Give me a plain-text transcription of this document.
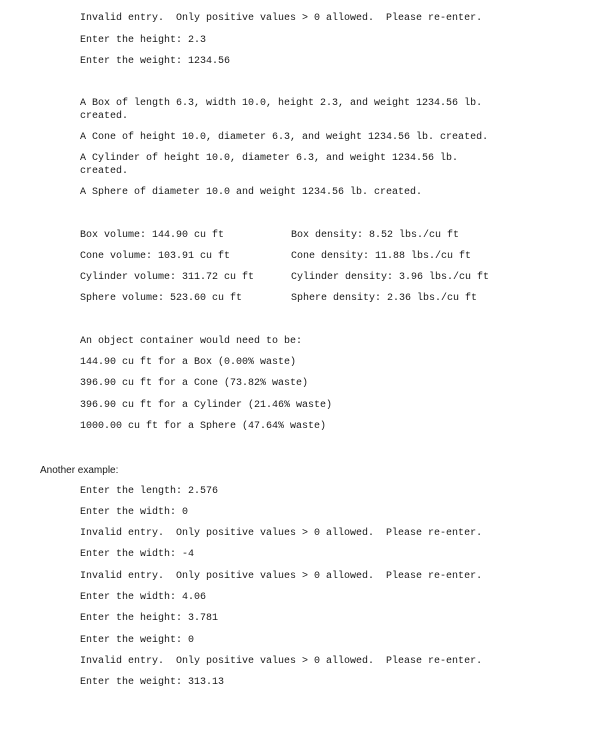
Invalid entry.  Only positive values > 0 allowed.  Please re-enter.
Enter the height: 2.3
Enter the weight: 1234.56
A Box of length 6.3, width 10.0, height 2.3, and weight 1234.56 lb.
created.
A Cone of height 10.0, diameter 6.3, and weight 1234.56 lb. created.
A Cylinder of height 10.0, diameter 6.3, and weight 1234.56 lb.
created.
A Sphere of diameter 10.0 and weight 1234.56 lb. created.
Box volume: 144.90 cu ft
Cone volume: 103.91 cu ft
Cylinder volume: 311.72 cu ft
Sphere volume: 523.60 cu ft
Box density: 8.52 lbs./cu ft
Cone density: 11.88 lbs./cu ft
Cylinder density: 3.96 lbs./cu ft
Sphere density: 2.36 lbs./cu ft
An object container would need to be:
144.90 cu ft for a Box (0.00% waste)
396.90 cu ft for a Cone (73.82% waste)
396.90 cu ft for a Cylinder (21.46% waste)
1000.00 cu ft for a Sphere (47.64% waste)
Another example:
Enter the length: 2.576
Enter the width: 0
Invalid entry.  Only positive values > 0 allowed.  Please re-enter.
Enter the width: -4
Invalid entry.  Only positive values > 0 allowed.  Please re-enter.
Enter the width: 4.06
Enter the height: 3.781
Enter the weight: 0
Invalid entry.  Only positive values > 0 allowed.  Please re-enter.
Enter the weight: 313.13
